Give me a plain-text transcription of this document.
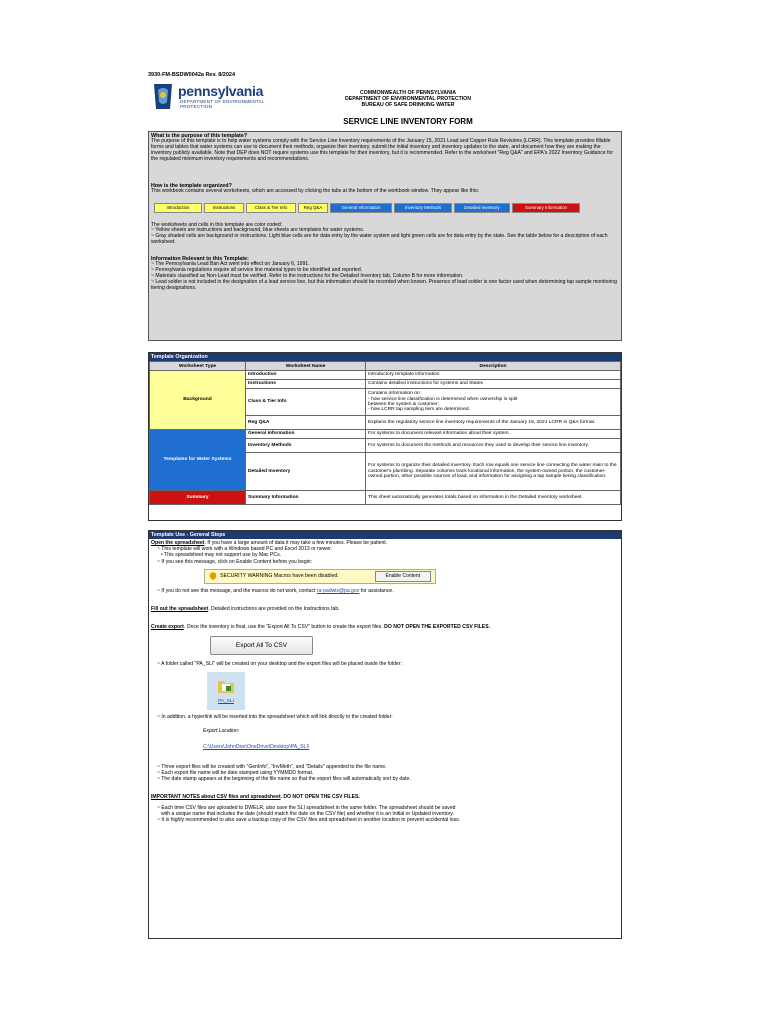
3930-FM-BSDW0042a Rev. 8/2024
pennsylvania
DEPARTMENT OF ENVIRONMENTAL
PROTECTION
COMMONWEALTH OF PENNSYLVANIA
DEPARTMENT OF ENVIRONMENTAL PROTECTION
BUREAU OF SAFE DRINKING WATER
SERVICE LINE INVENTORY FORM
What is the purpose of this template?
The purpose of this template is to help water systems comply with the Service Line Inventory requirements of the January 15, 2021 Lead and Copper Rule Revisions (LCRR). This template provides fillable forms and tables that water systems can use to document their methods, organize their inventory, submit the initial inventory and inventory updates to the state, and document how they are making the inventory publicly available. Note that DEP does NOT require systems use this template for their inventory, but it is recommended. Refer to the worksheet "Reg Q&A" and EPA's 2022 Inventory Guidance for the regulated minimum inventory requirements and recommendations.
How is the template organized?
This workbook contains several worksheets, which are accessed by clicking the tabs at the bottom of the workbook window. They appear like this:
Introduction	Instructions	Class & Tier Info	Reg Q&A	General Information	Inventory Methods	Detailed Inventory	Summary Information
The worksheets and cells in this template are color coded:
~ Yellow sheets are instructions and background, blue sheets are templates for water systems.
~ Gray shaded cells are background or instructions. Light blue cells are for data entry by the water system and light green cells are for data entry by the state. See the table below for a description of each worksheet.
Information Relevant to this Template:
~ The Pennsylvania Lead Ban Act went into effect on January 6, 1991.
~ Pennsylvania regulations require all service line material types to be identified and reported.
~ Materials classified as Non-Lead must be verified. Refer to the instructions for the Detailed Inventory tab, Column B for more information.
~ Lead solder is not included in the designation of a lead service line, but this information should be recorded when known. Presence of lead solder is one factor used when determining tap sample monitoring tiering designations.
Template Organization
Worksheet Type	Worksheet Name	Description
Background	Introduction	Introductory template information
	Instructions	Contains detailed instructions for systems and States
	Class & Tier Info	Contains information on:
- how service line classification is determined when ownership is split
between the system & customer;
- how LCRR tap sampling tiers are determined.
	Reg Q&A	Explains the regulatory service line inventory requirements of the January 15, 2021 LCRR in Q&A format.
Templates for Water Systems	General Information	For systems to document relevant information about their system.
	Inventory Methods	For systems to document the methods and resources they used to develop their service line inventory.
	Detailed Inventory	For systems to organize their detailed inventory. Each row equals one service line connecting the water main to the customer's plumbing. Separate columns track locational information, the system-owned portion, the customer-owned portion, other possible sources of lead, and information for assigning a tap sample tiering classification.
Summary	Summary Information	This sheet automatically generates totals based on information in the Detailed Inventory worksheet.
Template Use - General Steps
Open the spreadsheet. If you have a large amount of data it may take a few minutes. Please be patient.
~ This template will work with a Windows based PC and Excel 2013 or newer.
• This spreadsheet may not support use by Mac PCs.
~ If you see this message, click on Enable Content before you begin:
SECURITY WARNING Macros have been disabled.	Enable Content
~ If you do not see this message, and the macros do not work, contact ra-padwis@pa.gov for assistance.
Fill out the spreadsheet. Detailed instructions are provided on the Instructions tab.
Create export. Once the inventory is final, use the "Export All To CSV" button to create the export files. DO NOT OPEN THE EXPORTED CSV FILES.
Export All To CSV
~ A folder called "PA_SLI" will be created on your desktop and the export files will be placed inside the folder:
PA_SLI
~ In addition, a hyperlink will be inserted into the spreadsheet which will link directly to the created folder:
Export Location:
C:\Users\JohnDoe\OneDrive\Desktop\PA_SLI\
~ Three export files will be created with "GenInfo", "InvMeth", and "Details" appended to the file name.
~ Each export file name will be date stamped using YYMMDD format.
~ The date stamp appears at the beginning of the file name so that the export files will automatically sort by date.
IMPORTANT NOTES about CSV files and spreadsheet. DO NOT OPEN THE CSV FILES.
~ Each time CSV files are uploaded to DWELR, also save the SLI spreadsheet in the same folder. The spreadsheet should be saved
with a unique name that includes the date (should match the date on the CSV file) and whether it is an Initial or Updated inventory.
~ It is highly recommended to also save a backup copy of the CSV files and spreadsheet in another location to prevent accidental loss.
